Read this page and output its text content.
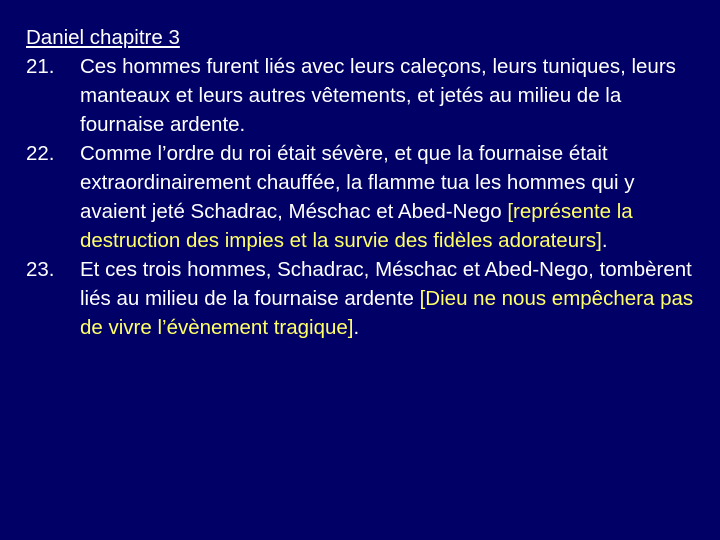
Daniel chapitre 3
21. Ces hommes furent liés avec leurs caleçons, leurs tuniques, leurs manteaux et leurs autres vêtements, et jetés au milieu de la fournaise ardente.
22. Comme l’ordre du roi était sévère, et que la fournaise était extraordinairement chauffée, la flamme tua les hommes qui y avaient jeté Schadrac, Méschac et Abed-Nego [représente la destruction des impies et la survie des fidèles adorateurs].
23. Et ces trois hommes, Schadrac, Méschac et Abed-Nego, tombèrent liés au milieu de la fournaise ardente [Dieu ne nous empêchera pas de vivre l’évènement tragique].
